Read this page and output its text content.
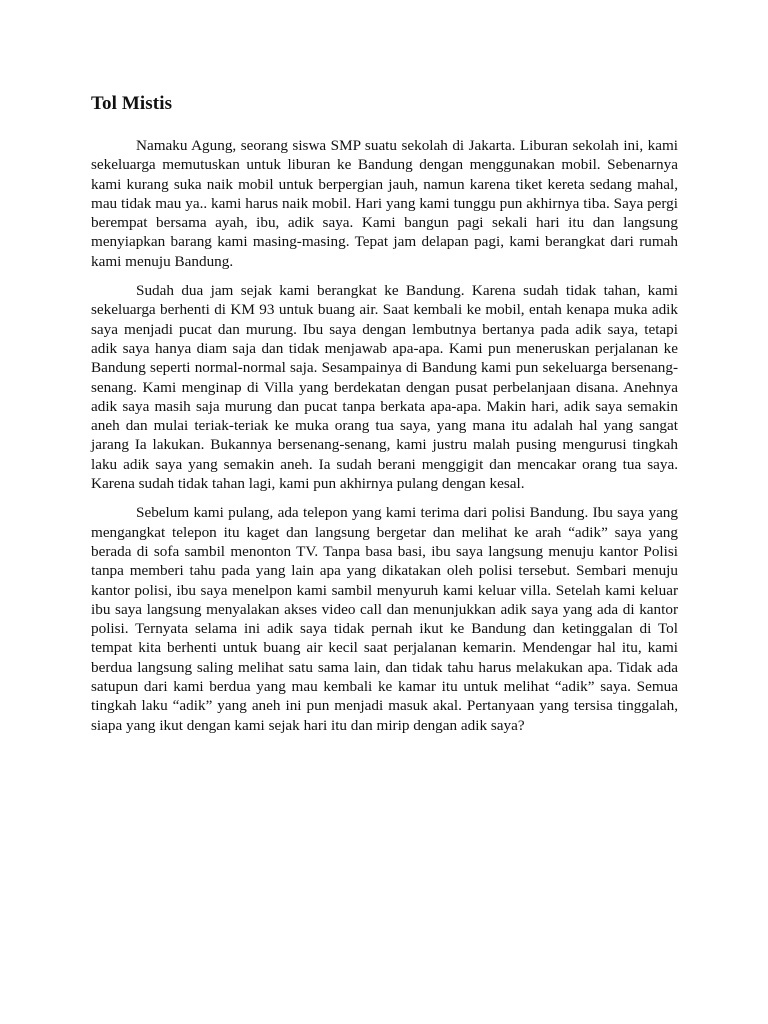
Tol Mistis

Namaku Agung, seorang siswa SMP suatu sekolah di Jakarta. Liburan sekolah ini, kami sekeluarga memutuskan untuk liburan ke Bandung dengan menggunakan mobil. Sebenarnya kami kurang suka naik mobil untuk berpergian jauh, namun karena tiket kereta sedang mahal, mau tidak mau ya.. kami harus naik mobil. Hari yang kami tunggu pun akhirnya tiba. Saya pergi berempat bersama ayah, ibu, adik saya. Kami bangun pagi sekali hari itu dan langsung menyiapkan barang kami masing-masing. Tepat jam delapan pagi, kami berangkat dari rumah kami menuju Bandung.

Sudah dua jam sejak kami berangkat ke Bandung. Karena sudah tidak tahan, kami sekeluarga berhenti di KM 93 untuk buang air. Saat kembali ke mobil, entah kenapa muka adik saya menjadi pucat dan murung. Ibu saya dengan lembutnya bertanya pada adik saya, tetapi adik saya hanya diam saja dan tidak menjawab apa-apa. Kami pun meneruskan perjalanan ke Bandung seperti normal-normal saja. Sesampainya di Bandung kami pun sekeluarga bersenang-senang. Kami menginap di Villa yang berdekatan dengan pusat perbelanjaan disana. Anehnya adik saya masih saja murung dan pucat tanpa berkata apa-apa. Makin hari, adik saya semakin aneh dan mulai teriak-teriak ke muka orang tua saya, yang mana itu adalah hal yang sangat jarang Ia lakukan. Bukannya bersenang-senang, kami justru malah pusing mengurusi tingkah laku adik saya yang semakin aneh. Ia sudah berani menggigit dan mencakar orang tua saya. Karena sudah tidak tahan lagi, kami pun akhirnya pulang dengan kesal.

Sebelum kami pulang, ada telepon yang kami terima dari polisi Bandung. Ibu saya yang mengangkat telepon itu kaget dan langsung bergetar dan melihat ke arah “adik” saya yang berada di sofa sambil menonton TV. Tanpa basa basi, ibu saya langsung menuju kantor Polisi tanpa memberi tahu pada yang lain apa yang dikatakan oleh polisi tersebut. Sembari menuju kantor polisi, ibu saya menelpon kami sambil menyuruh kami keluar villa. Setelah kami keluar ibu saya langsung menyalakan akses video call dan menunjukkan adik saya yang ada di kantor polisi. Ternyata selama ini adik saya tidak pernah ikut ke Bandung dan ketinggalan di Tol tempat kita berhenti untuk buang air kecil saat perjalanan kemarin. Mendengar hal itu, kami berdua langsung saling melihat satu sama lain, dan tidak tahu harus melakukan apa. Tidak ada satupun dari kami berdua yang mau kembali ke kamar itu untuk melihat “adik” saya. Semua tingkah laku “adik” yang aneh ini pun menjadi masuk akal. Pertanyaan yang tersisa tinggalah, siapa yang ikut dengan kami sejak hari itu dan mirip dengan adik saya?
